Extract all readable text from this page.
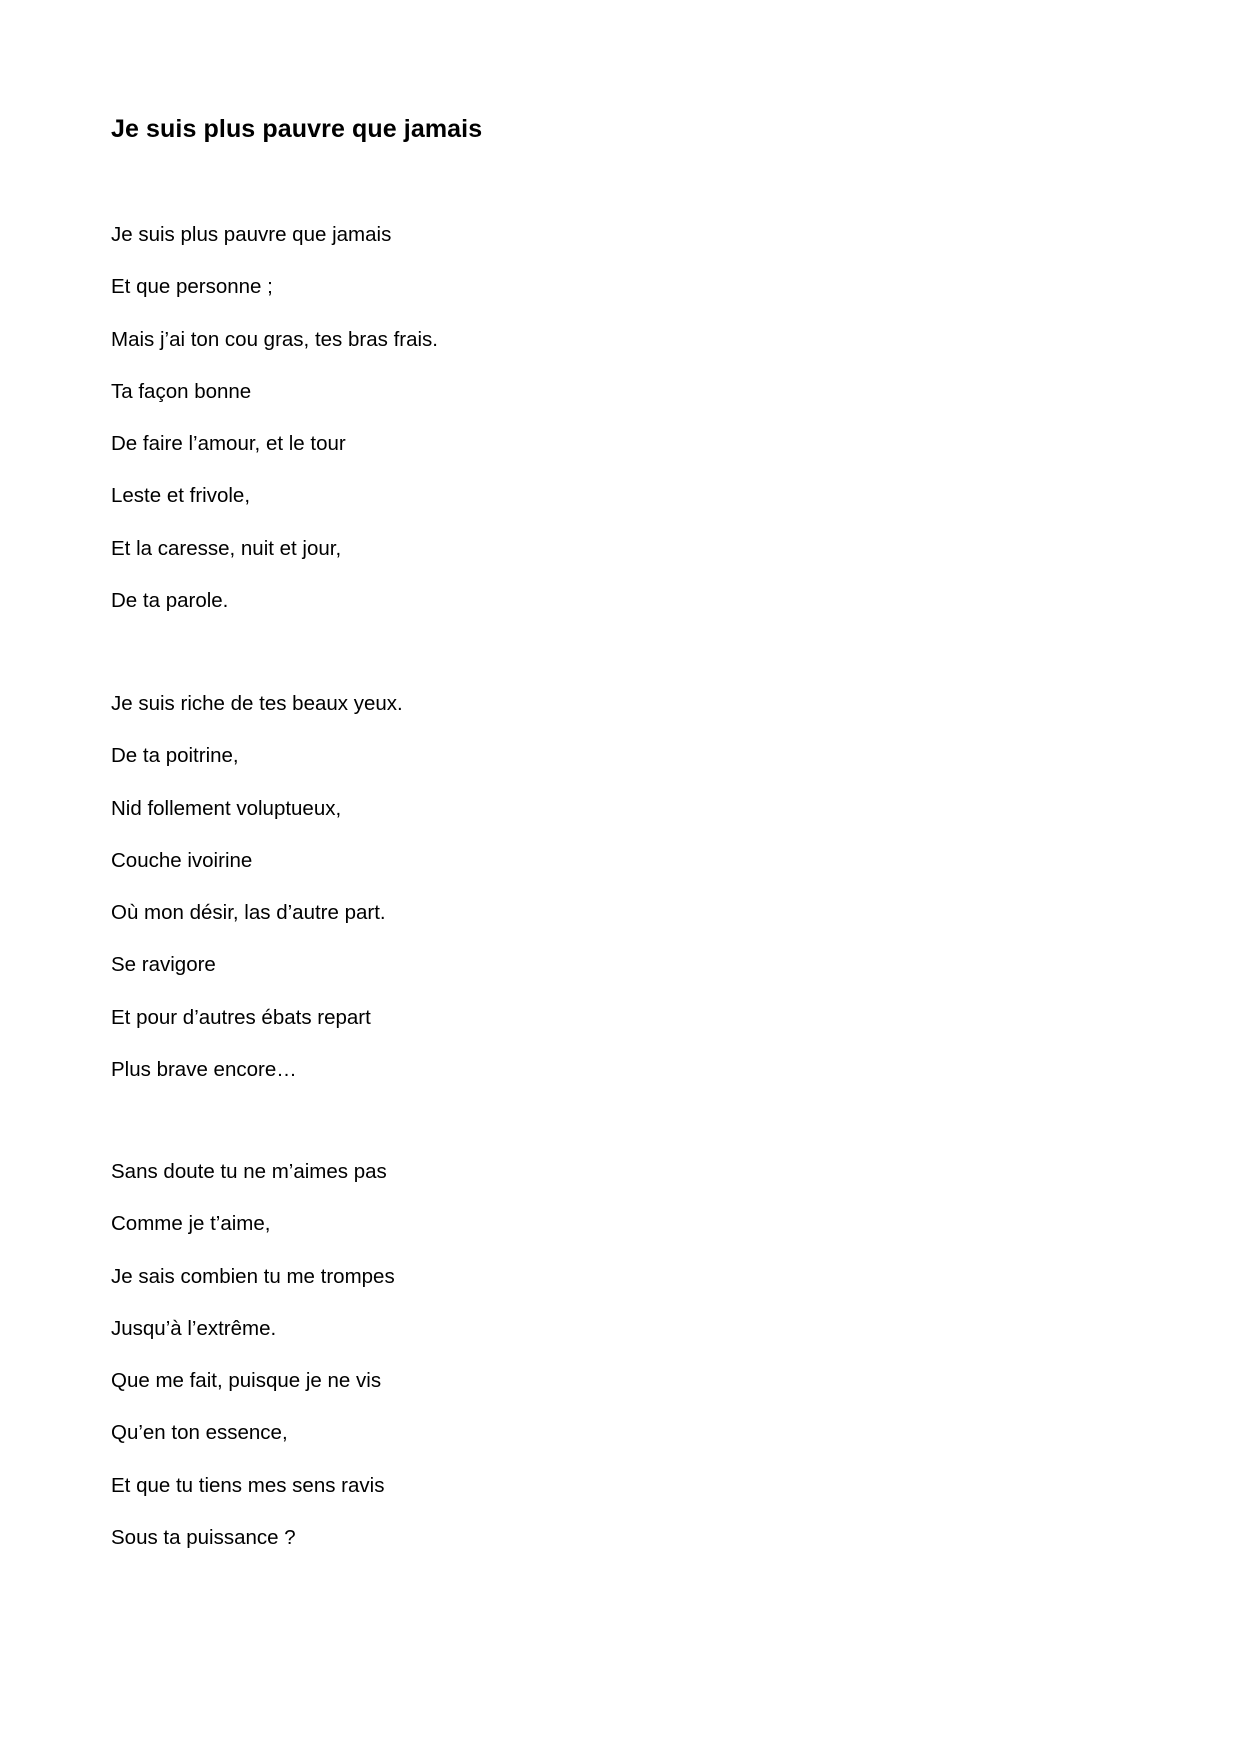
Je suis plus pauvre que jamais
Je suis plus pauvre que jamais
Et que personne ;
Mais j’ai ton cou gras, tes bras frais.
Ta façon bonne
De faire l’amour, et le tour
Leste et frivole,
Et la caresse, nuit et jour,
De ta parole.
Je suis riche de tes beaux yeux.
De ta poitrine,
Nid follement voluptueux,
Couche ivoirine
Où mon désir, las d’autre part.
Se ravigore
Et pour d’autres ébats repart
Plus brave encore…
Sans doute tu ne m’aimes pas
Comme je t’aime,
Je sais combien tu me trompes
Jusqu’à l’extrême.
Que me fait, puisque je ne vis
Qu’en ton essence,
Et que tu tiens mes sens ravis
Sous ta puissance ?
